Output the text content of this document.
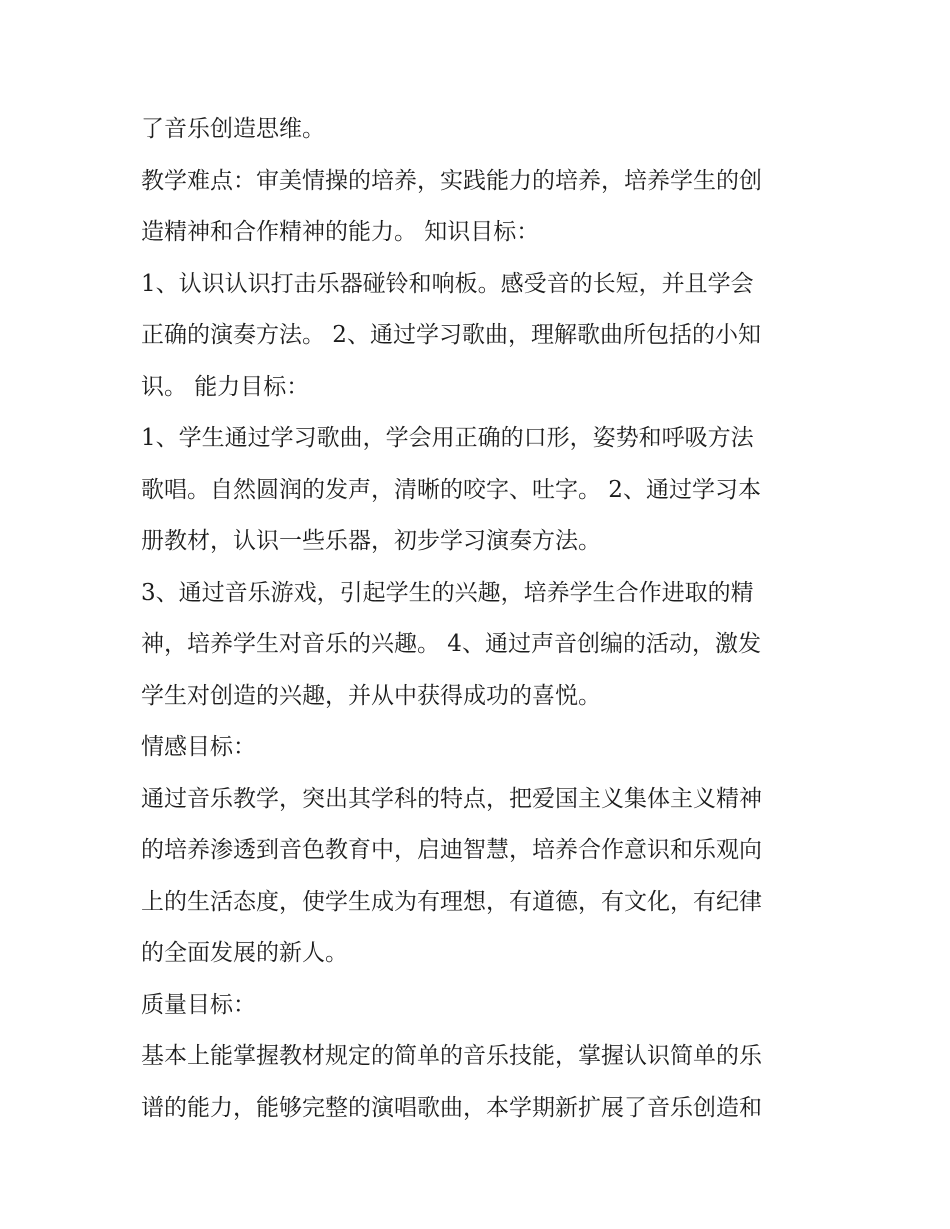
了音乐创造思维。
教学难点：审美情操的培养，实践能力的培养，培养学生的创
造精神和合作精神的能力。 知识目标：
1、认识认识打击乐器碰铃和响板。感受音的长短，并且学会
正确的演奏方法。 2、通过学习歌曲，理解歌曲所包括的小知
识。 能力目标：
1、学生通过学习歌曲，学会用正确的口形，姿势和呼吸方法
歌唱。自然圆润的发声，清晰的咬字、吐字。 2、通过学习本
册教材，认识一些乐器，初步学习演奏方法。
3、通过音乐游戏，引起学生的兴趣，培养学生合作进取的精
神，培养学生对音乐的兴趣。 4、通过声音创编的活动，激发
学生对创造的兴趣，并从中获得成功的喜悦。
情感目标：
通过音乐教学，突出其学科的特点，把爱国主义集体主义精神
的培养渗透到音色教育中，启迪智慧，培养合作意识和乐观向
上的生活态度，使学生成为有理想，有道德，有文化，有纪律
的全面发展的新人。
质量目标：
基本上能掌握教材规定的简单的音乐技能，掌握认识简单的乐
谱的能力，能够完整的演唱歌曲，本学期新扩展了音乐创造和
